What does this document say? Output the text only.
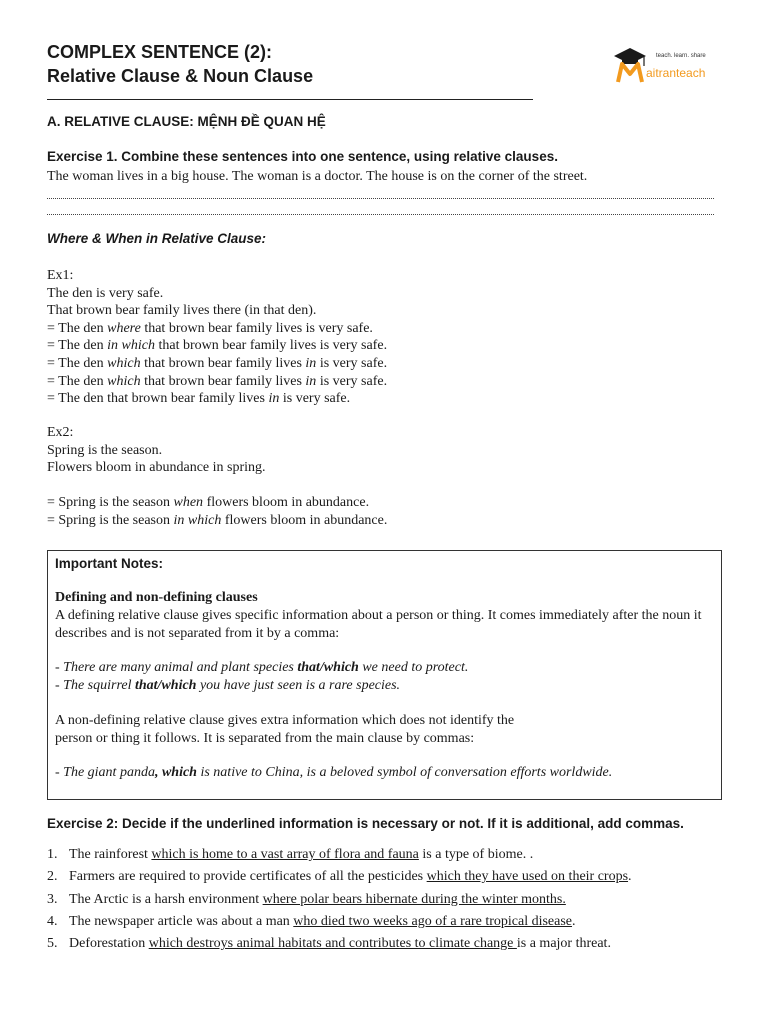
COMPLEX SENTENCE (2):
Relative Clause & Noun Clause
teach. learn. share
aitranteach
A. RELATIVE CLAUSE: MỆNH ĐỀ QUAN HỆ
Exercise 1. Combine these sentences into one sentence, using relative clauses.
The woman lives in a big house. The woman is a doctor. The house is on the corner of the street.
Where & When in Relative Clause:
Ex1:
The den is very safe.
That brown bear family lives there (in that den).
= The den where that brown bear family lives is very safe.
= The den in which that brown bear family lives is very safe.
= The den which that brown bear family lives in is very safe.
= The den which that brown bear family lives in is very safe.
= The den that brown bear family lives in is very safe.
Ex2:
Spring is the season.
Flowers bloom in abundance in spring.
= Spring is the season when flowers bloom in abundance.
= Spring is the season in which flowers bloom in abundance.
Important Notes:
Defining and non-defining clauses
A defining relative clause gives specific information about a person or thing. It comes immediately after the noun it describes and is not separated from it by a comma:
- There are many animal and plant species that/which we need to protect.
- The squirrel that/which you have just seen is a rare species.
A non-defining relative clause gives extra information which does not identify the
person or thing it follows. It is separated from the main clause by commas:
- The giant panda, which is native to China, is a beloved symbol of conversation efforts worldwide.
Exercise 2: Decide if the underlined information is necessary or not. If it is additional, add commas.
1. The rainforest which is home to a vast array of flora and fauna is a type of biome. .
2. Farmers are required to provide certificates of all the pesticides which they have used on their crops.
3. The Arctic is a harsh environment where polar bears hibernate during the winter months.
4. The newspaper article was about a man who died two weeks ago of a rare tropical disease.
5. Deforestation which destroys animal habitats and contributes to climate change is a major threat.
